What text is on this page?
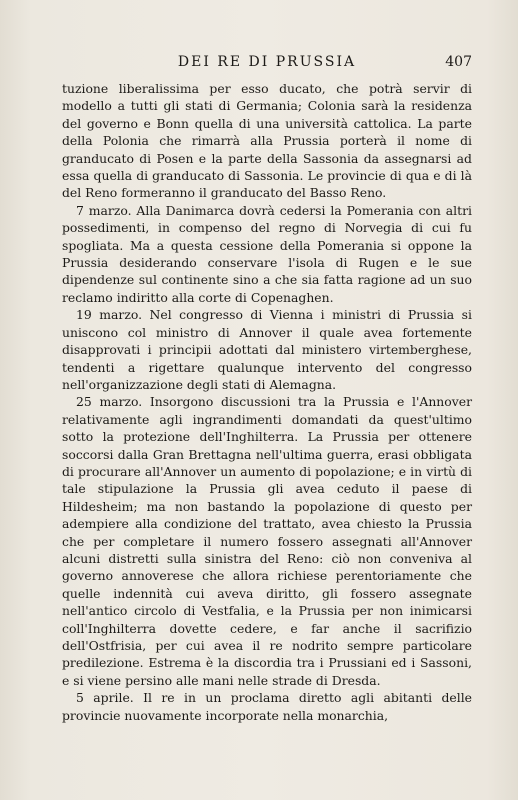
DEI RE DI PRUSSIA	407

tuzione liberalissima per esso ducato, che potrà servir di modello a tutti gli stati di Germania; Colonia sarà la residenza del governo e Bonn quella di una università cattolica. La parte della Polonia che rimarrà alla Prussia porterà il nome di granducato di Posen e la parte della Sassonia da assegnarsi ad essa quella di granducato di Sassonia. Le provincie di qua e di là del Reno formeranno il granducato del Basso Reno.

7 marzo. Alla Danimarca dovrà cedersi la Pomerania con altri possedimenti, in compenso del regno di Norvegia di cui fu spogliata. Ma a questa cessione della Pomerania si oppone la Prussia desiderando conservare l'isola di Rugen e le sue dipendenze sul continente sino a che sia fatta ragione ad un suo reclamo indiritto alla corte di Copenaghen.

19 marzo. Nel congresso di Vienna i ministri di Prussia si uniscono col ministro di Annover il quale avea fortemente disapprovati i principii adottati dal ministero virtemberghese, tendenti a rigettare qualunque intervento del congresso nell'organizzazione degli stati di Alemagna.

25 marzo. Insorgono discussioni tra la Prussia e l'Annover relativamente agli ingrandimenti domandati da quest'ultimo sotto la protezione dell'Inghilterra. La Prussia per ottenere soccorsi dalla Gran Brettagna nell'ultima guerra, erasi obbligata di procurare all'Annover un aumento di popolazione; e in virtù di tale stipulazione la Prussia gli avea ceduto il paese di Hildesheim; ma non bastando la popolazione di questo per adempiere alla condizione del trattato, avea chiesto la Prussia che per completare il numero fossero assegnati all'Annover alcuni distretti sulla sinistra del Reno: ciò non conveniva al governo annoverese che allora richiese perentoriamente che quelle indennità cui aveva diritto, gli fossero assegnate nell'antico circolo di Vestfalia, e la Prussia per non inimicarsi coll'Inghilterra dovette cedere, e far anche il sacrifizio dell'Ostfrisia, per cui avea il re nodrito sempre particolare predilezione. Estrema è la discordia tra i Prussiani ed i Sassoni, e si viene persino alle mani nelle strade di Dresda.

5 aprile. Il re in un proclama diretto agli abitanti delle provincie nuovamente incorporate nella monarchia,
